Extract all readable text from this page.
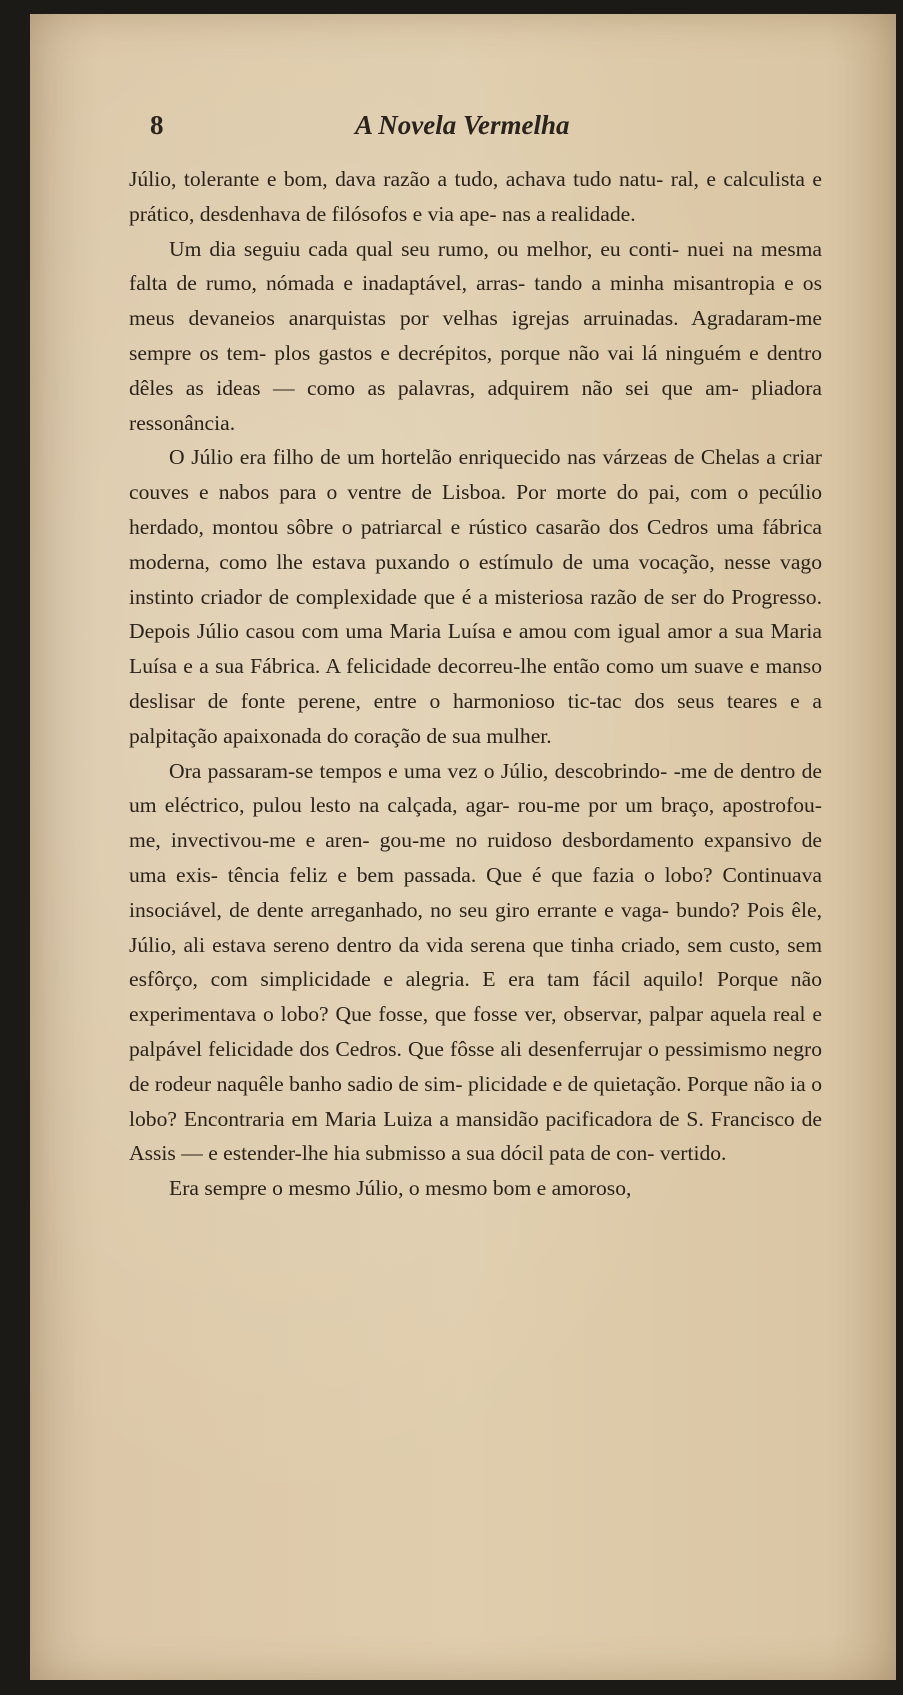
8	A Novela Vermelha

Júlio, tolerante e bom, dava razão a tudo, achava tudo natu- ral, e calculista e prático, desdenhava de filósofos e via ape- nas a realidade.

Um dia seguiu cada qual seu rumo, ou melhor, eu conti- nuei na mesma falta de rumo, nómada e inadaptável, arras- tando a minha misantropia e os meus devaneios anarquistas por velhas igrejas arruinadas. Agradaram-me sempre os tem- plos gastos e decrépitos, porque não vai lá ninguém e dentro dêles as ideas — como as palavras, adquirem não sei que am- pliadora ressonância.

O Júlio era filho de um hortelão enriquecido nas várzeas de Chelas a criar couves e nabos para o ventre de Lisboa. Por morte do pai, com o pecúlio herdado, montou sôbre o patriarcal e rústico casarão dos Cedros uma fábrica moderna, como lhe estava puxando o estímulo de uma vocação, nesse vago instinto criador de complexidade que é a misteriosa razão de ser do Progresso. Depois Júlio casou com uma Maria Luísa e amou com igual amor a sua Maria Luísa e a sua Fábrica. A felicidade decorreu-lhe então como um suave e manso deslisar de fonte perene, entre o harmonioso tic-tac dos seus teares e a palpitação apaixonada do coração de sua mulher.

Ora passaram-se tempos e uma vez o Júlio, descobrindo- -me de dentro de um eléctrico, pulou lesto na calçada, agar- rou-me por um braço, apostrofou-me, invectivou-me e aren- gou-me no ruidoso desbordamento expansivo de uma exis- tência feliz e bem passada. Que é que fazia o lobo? Continuava insociável, de dente arreganhado, no seu giro errante e vaga- bundo? Pois êle, Júlio, ali estava sereno dentro da vida serena que tinha criado, sem custo, sem esfôrço, com simplicidade e alegria. E era tam fácil aquilo! Porque não experimentava o lobo? Que fosse, que fosse ver, observar, palpar aquela real e palpável felicidade dos Cedros. Que fôsse ali desenferrujar o pessimismo negro de rodeur naquêle banho sadio de sim- plicidade e de quietação. Porque não ia o lobo? Encontraria em Maria Luiza a mansidão pacificadora de S. Francisco de Assis — e estender-lhe hia submisso a sua dócil pata de con- vertido.

Era sempre o mesmo Júlio, o mesmo bom e amoroso,
